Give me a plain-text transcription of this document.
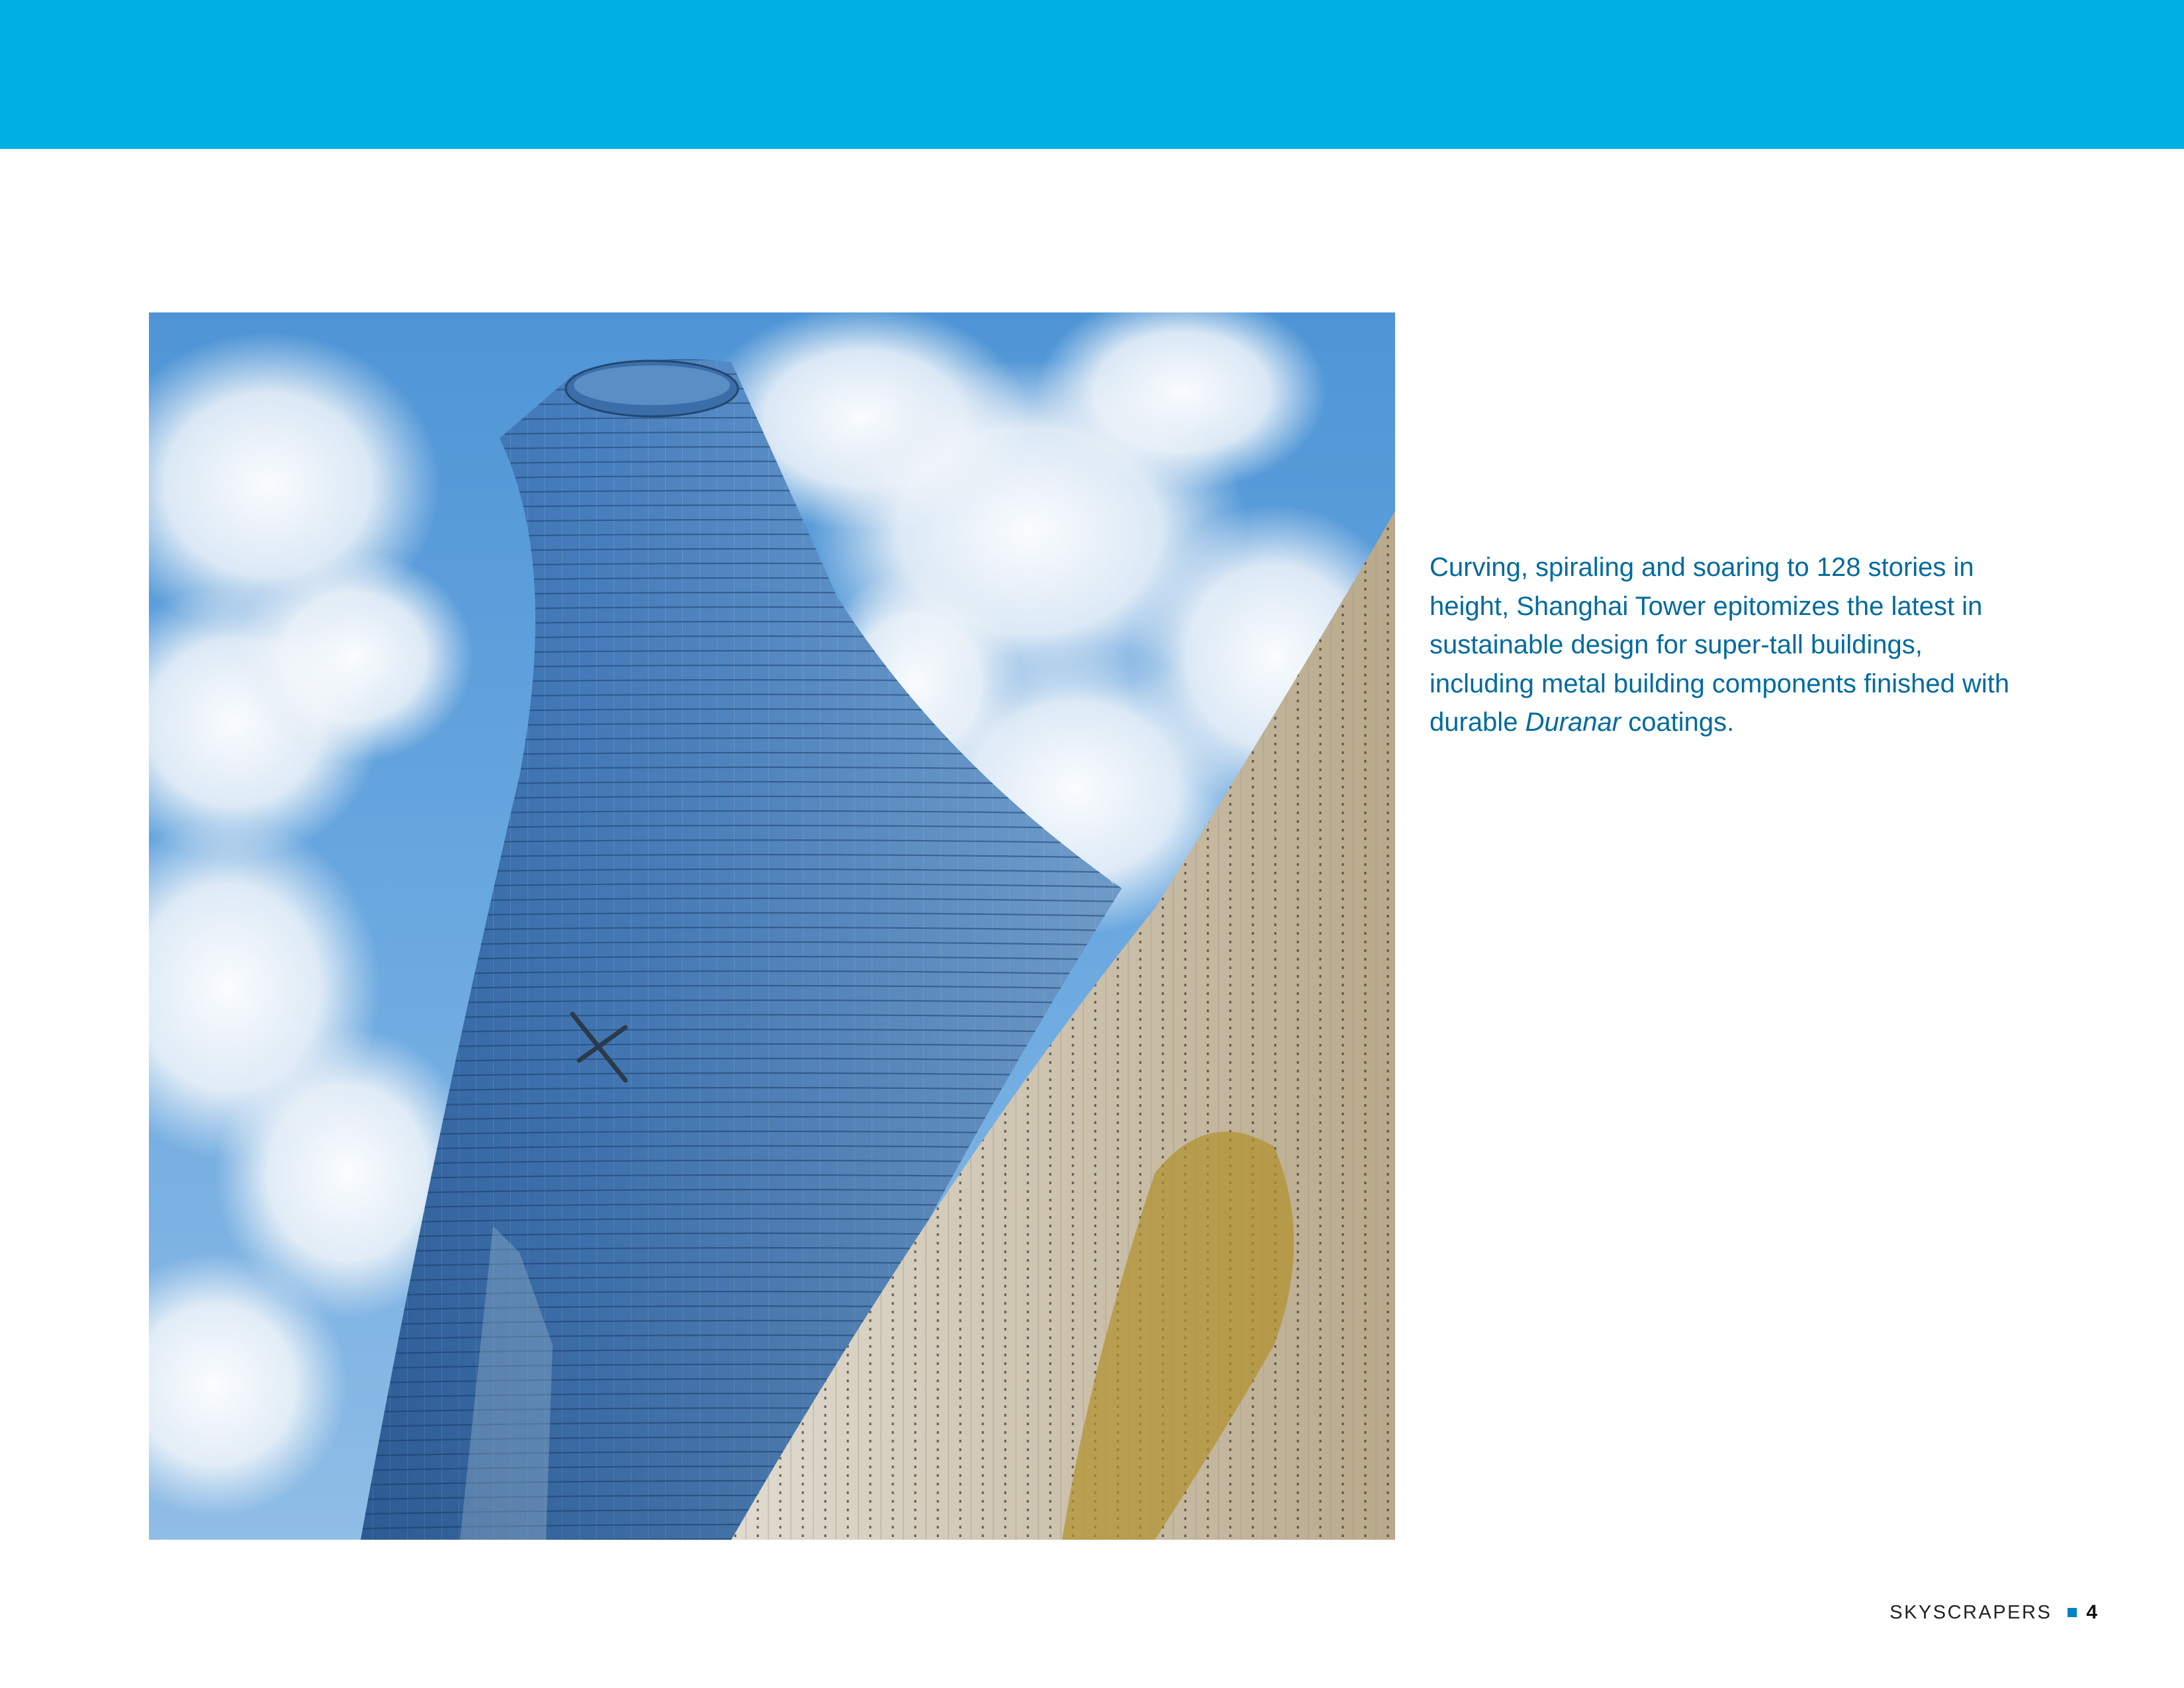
Curving, spiraling and soaring to 128 stories in height, Shanghai Tower epitomizes the latest in sustainable design for super-tall buildings, including metal building components finished with durable Duranar coatings.

SKYSCRAPERS 4
